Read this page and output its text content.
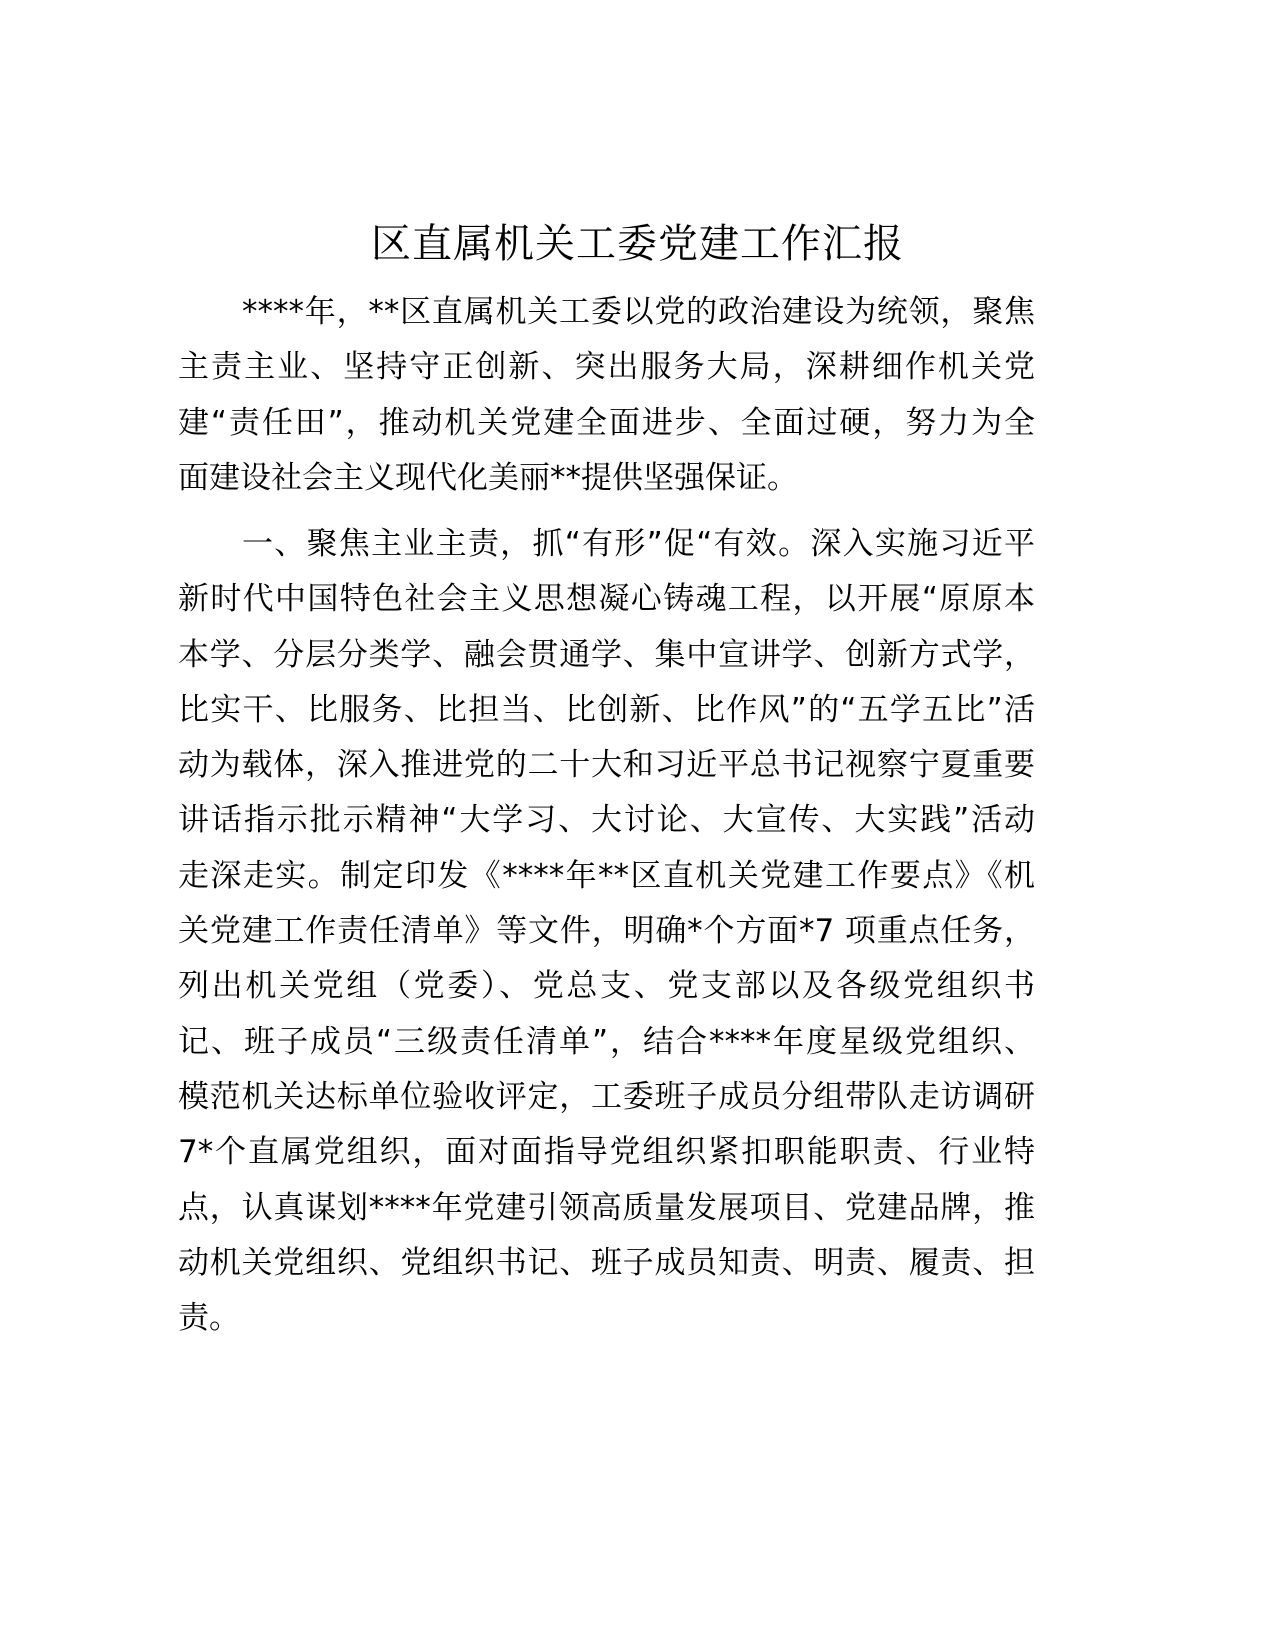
区直属机关工委党建工作汇报
****年，**区直属机关工委以党的政治建设为统领，聚焦
主责主业、坚持守正创新、突出服务大局，深耕细作机关党
建“责任田”，推动机关党建全面进步、全面过硬，努力为全
面建设社会主义现代化美丽**提供坚强保证。
一、聚焦主业主责，抓“有形”促“有效。深入实施习近平
新时代中国特色社会主义思想凝心铸魂工程，以开展“原原本
本学、分层分类学、融会贯通学、集中宣讲学、创新方式学，
比实干、比服务、比担当、比创新、比作风”的“五学五比”活
动为载体，深入推进党的二十大和习近平总书记视察宁夏重要
讲话指示批示精神“大学习、大讨论、大宣传、大实践”活动
走深走实。制定印发《****年**区直机关党建工作要点》《机
关党建工作责任清单》等文件，明确*个方面*7 项重点任务，
列出机关党组（党委）、党总支、党支部以及各级党组织书
记、班子成员“三级责任清单”，结合****年度星级党组织、
模范机关达标单位验收评定，工委班子成员分组带队走访调研
7*个直属党组织，面对面指导党组织紧扣职能职责、行业特
点，认真谋划****年党建引领高质量发展项目、党建品牌，推
动机关党组织、党组织书记、班子成员知责、明责、履责、担
责。
